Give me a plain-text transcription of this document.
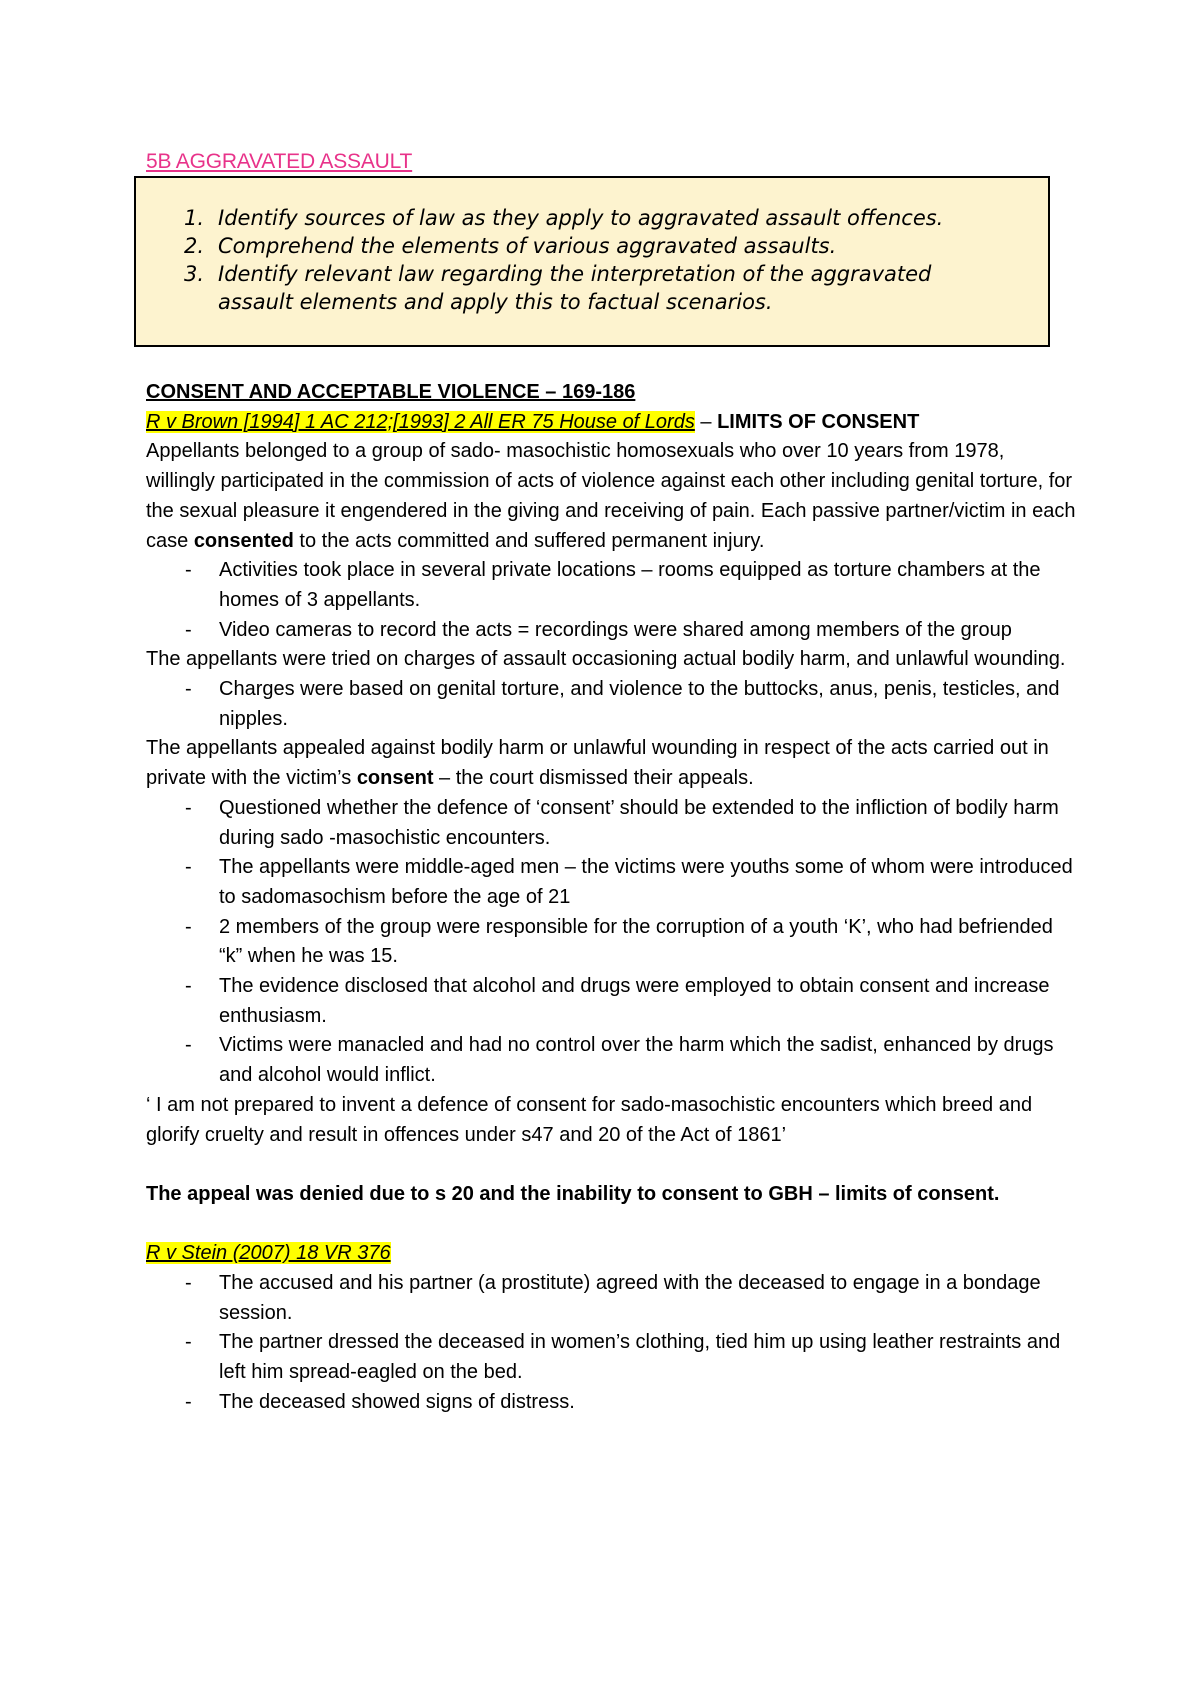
5B AGGRAVATED ASSAULT
1. Identify sources of law as they apply to aggravated assault offences.
2. Comprehend the elements of various aggravated assaults.
3. Identify relevant law regarding the interpretation of the aggravated assault elements and apply this to factual scenarios.

CONSENT AND ACCEPTABLE VIOLENCE – 169-186

R v Brown [1994] 1 AC 212;[1993] 2 All ER 75 House of Lords – LIMITS OF CONSENT

Appellants belonged to a group of sado- masochistic homosexuals who over 10 years from 1978, willingly participated in the commission of acts of violence against each other including genital torture, for the sexual pleasure it engendered in the giving and receiving of pain. Each passive partner/victim in each case consented to the acts committed and suffered permanent injury.

- Activities took place in several private locations – rooms equipped as torture chambers at the homes of 3 appellants.
- Video cameras to record the acts = recordings were shared among members of the group

The appellants were tried on charges of assault occasioning actual bodily harm, and unlawful wounding.

- Charges were based on genital torture, and violence to the buttocks, anus, penis, testicles, and nipples.

The appellants appealed against bodily harm or unlawful wounding in respect of the acts carried out in private with the victim’s consent – the court dismissed their appeals.

- Questioned whether the defence of ‘consent’ should be extended to the infliction of bodily harm during sado -masochistic encounters.
- The appellants were middle-aged men – the victims were youths some of whom were introduced to sadomasochism before the age of 21
- 2 members of the group were responsible for the corruption of a youth ‘K’, who had befriended “k” when he was 15.
- The evidence disclosed that alcohol and drugs were employed to obtain consent and increase enthusiasm.
- Victims were manacled and had no control over the harm which the sadist, enhanced by drugs and alcohol would inflict.

‘ I am not prepared to invent a defence of consent for sado-masochistic encounters which breed and glorify cruelty and result in offences under s47 and 20 of the Act of 1861’

The appeal was denied due to s 20 and the inability to consent to GBH – limits of consent.

R v Stein (2007) 18 VR 376

- The accused and his partner (a prostitute) agreed with the deceased to engage in a bondage session.
- The partner dressed the deceased in women’s clothing, tied him up using leather restraints and left him spread-eagled on the bed.
- The deceased showed signs of distress.
